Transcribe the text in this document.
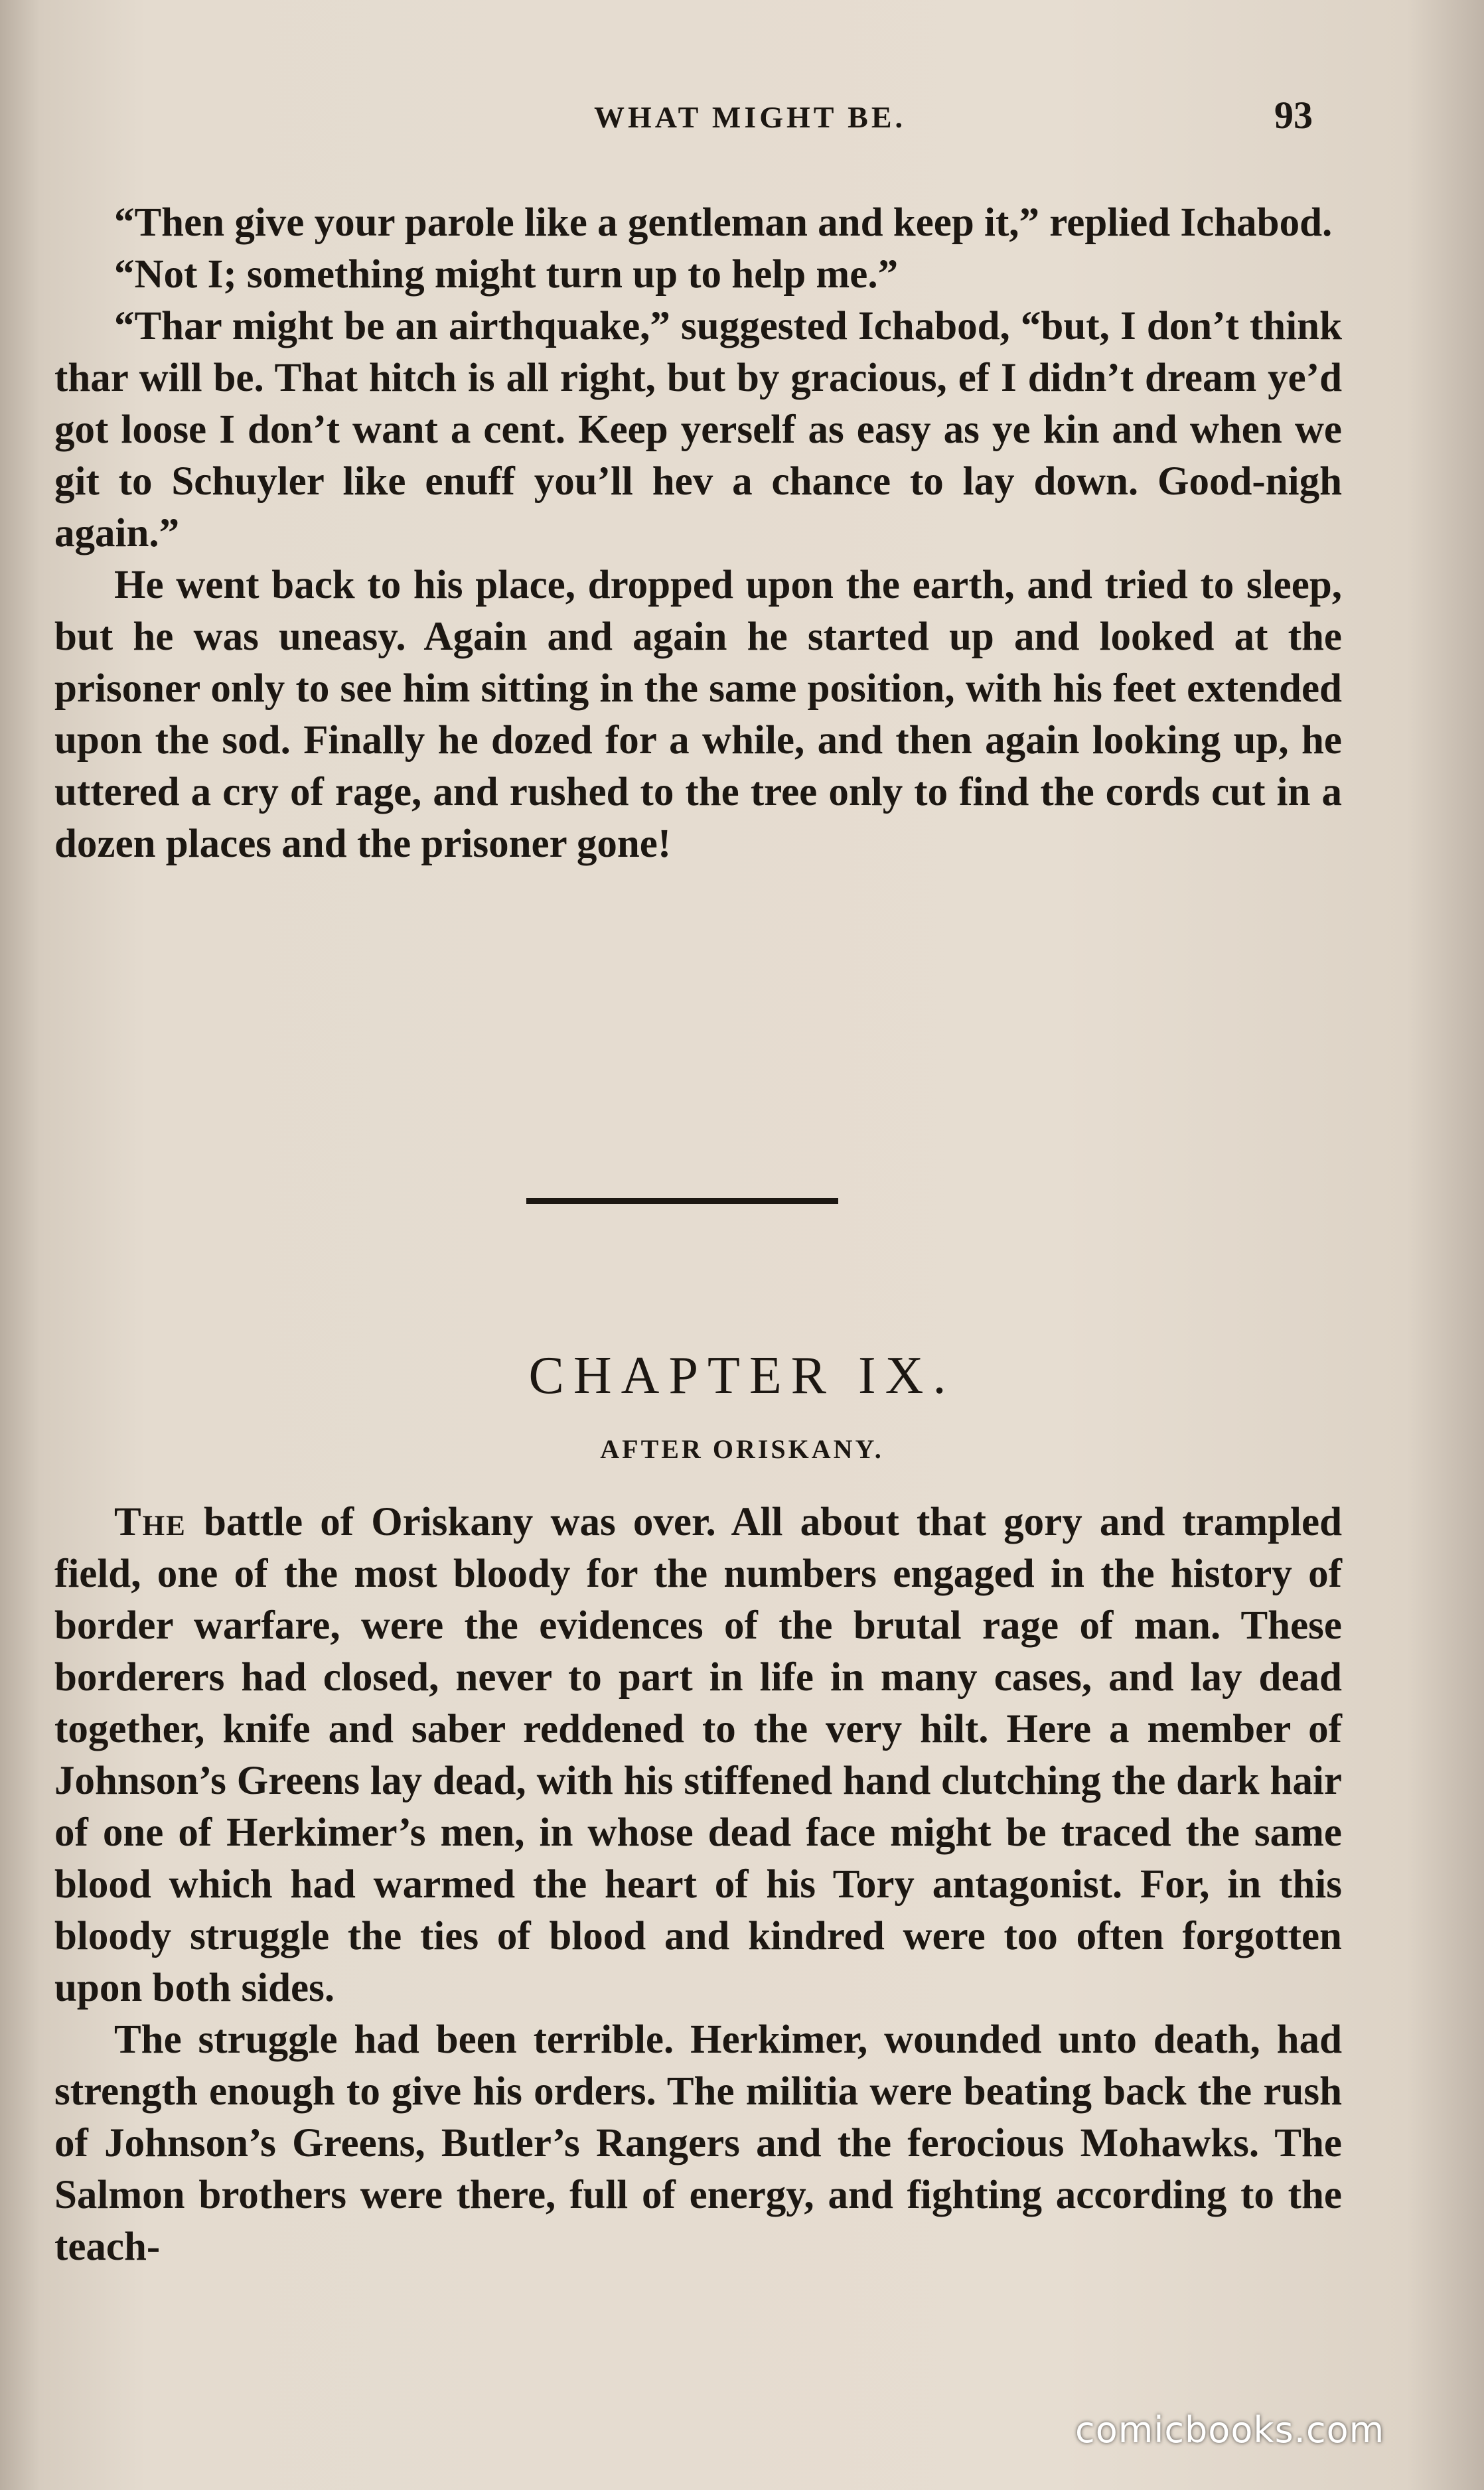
WHAT MIGHT BE.	93

“Then give your parole like a gentleman and keep it,” replied Ichabod.

“Not I; something might turn up to help me.”

“Thar might be an airthquake,” suggested Ichabod, “but, I don’t think thar will be. That hitch is all right, but by gracious, ef I didn’t dream ye’d got loose I don’t want a cent. Keep yerself as easy as ye kin and when we git to Schuyler like enuff you’ll hev a chance to lay down. Good-nigh again.”

He went back to his place, dropped upon the earth, and tried to sleep, but he was uneasy. Again and again he started up and looked at the prisoner only to see him sitting in the same position, with his feet extended upon the sod. Finally he dozed for a while, and then again looking up, he uttered a cry of rage, and rushed to the tree only to find the cords cut in a dozen places and the prisoner gone!

CHAPTER IX.
AFTER ORISKANY.

The battle of Oriskany was over. All about that gory and trampled field, one of the most bloody for the numbers engaged in the history of border warfare, were the evidences of the brutal rage of man. These borderers had closed, never to part in life in many cases, and lay dead together, knife and saber reddened to the very hilt. Here a member of Johnson’s Greens lay dead, with his stiffened hand clutching the dark hair of one of Herkimer’s men, in whose dead face might be traced the same blood which had warmed the heart of his Tory antagonist. For, in this bloody struggle the ties of blood and kindred were too often forgotten upon both sides.

The struggle had been terrible. Herkimer, wounded unto death, had strength enough to give his orders. The militia were beating back the rush of Johnson’s Greens, Butler’s Rangers and the ferocious Mohawks. The Salmon brothers were there, full of energy, and fighting according to the teach-

comicbooks.com
